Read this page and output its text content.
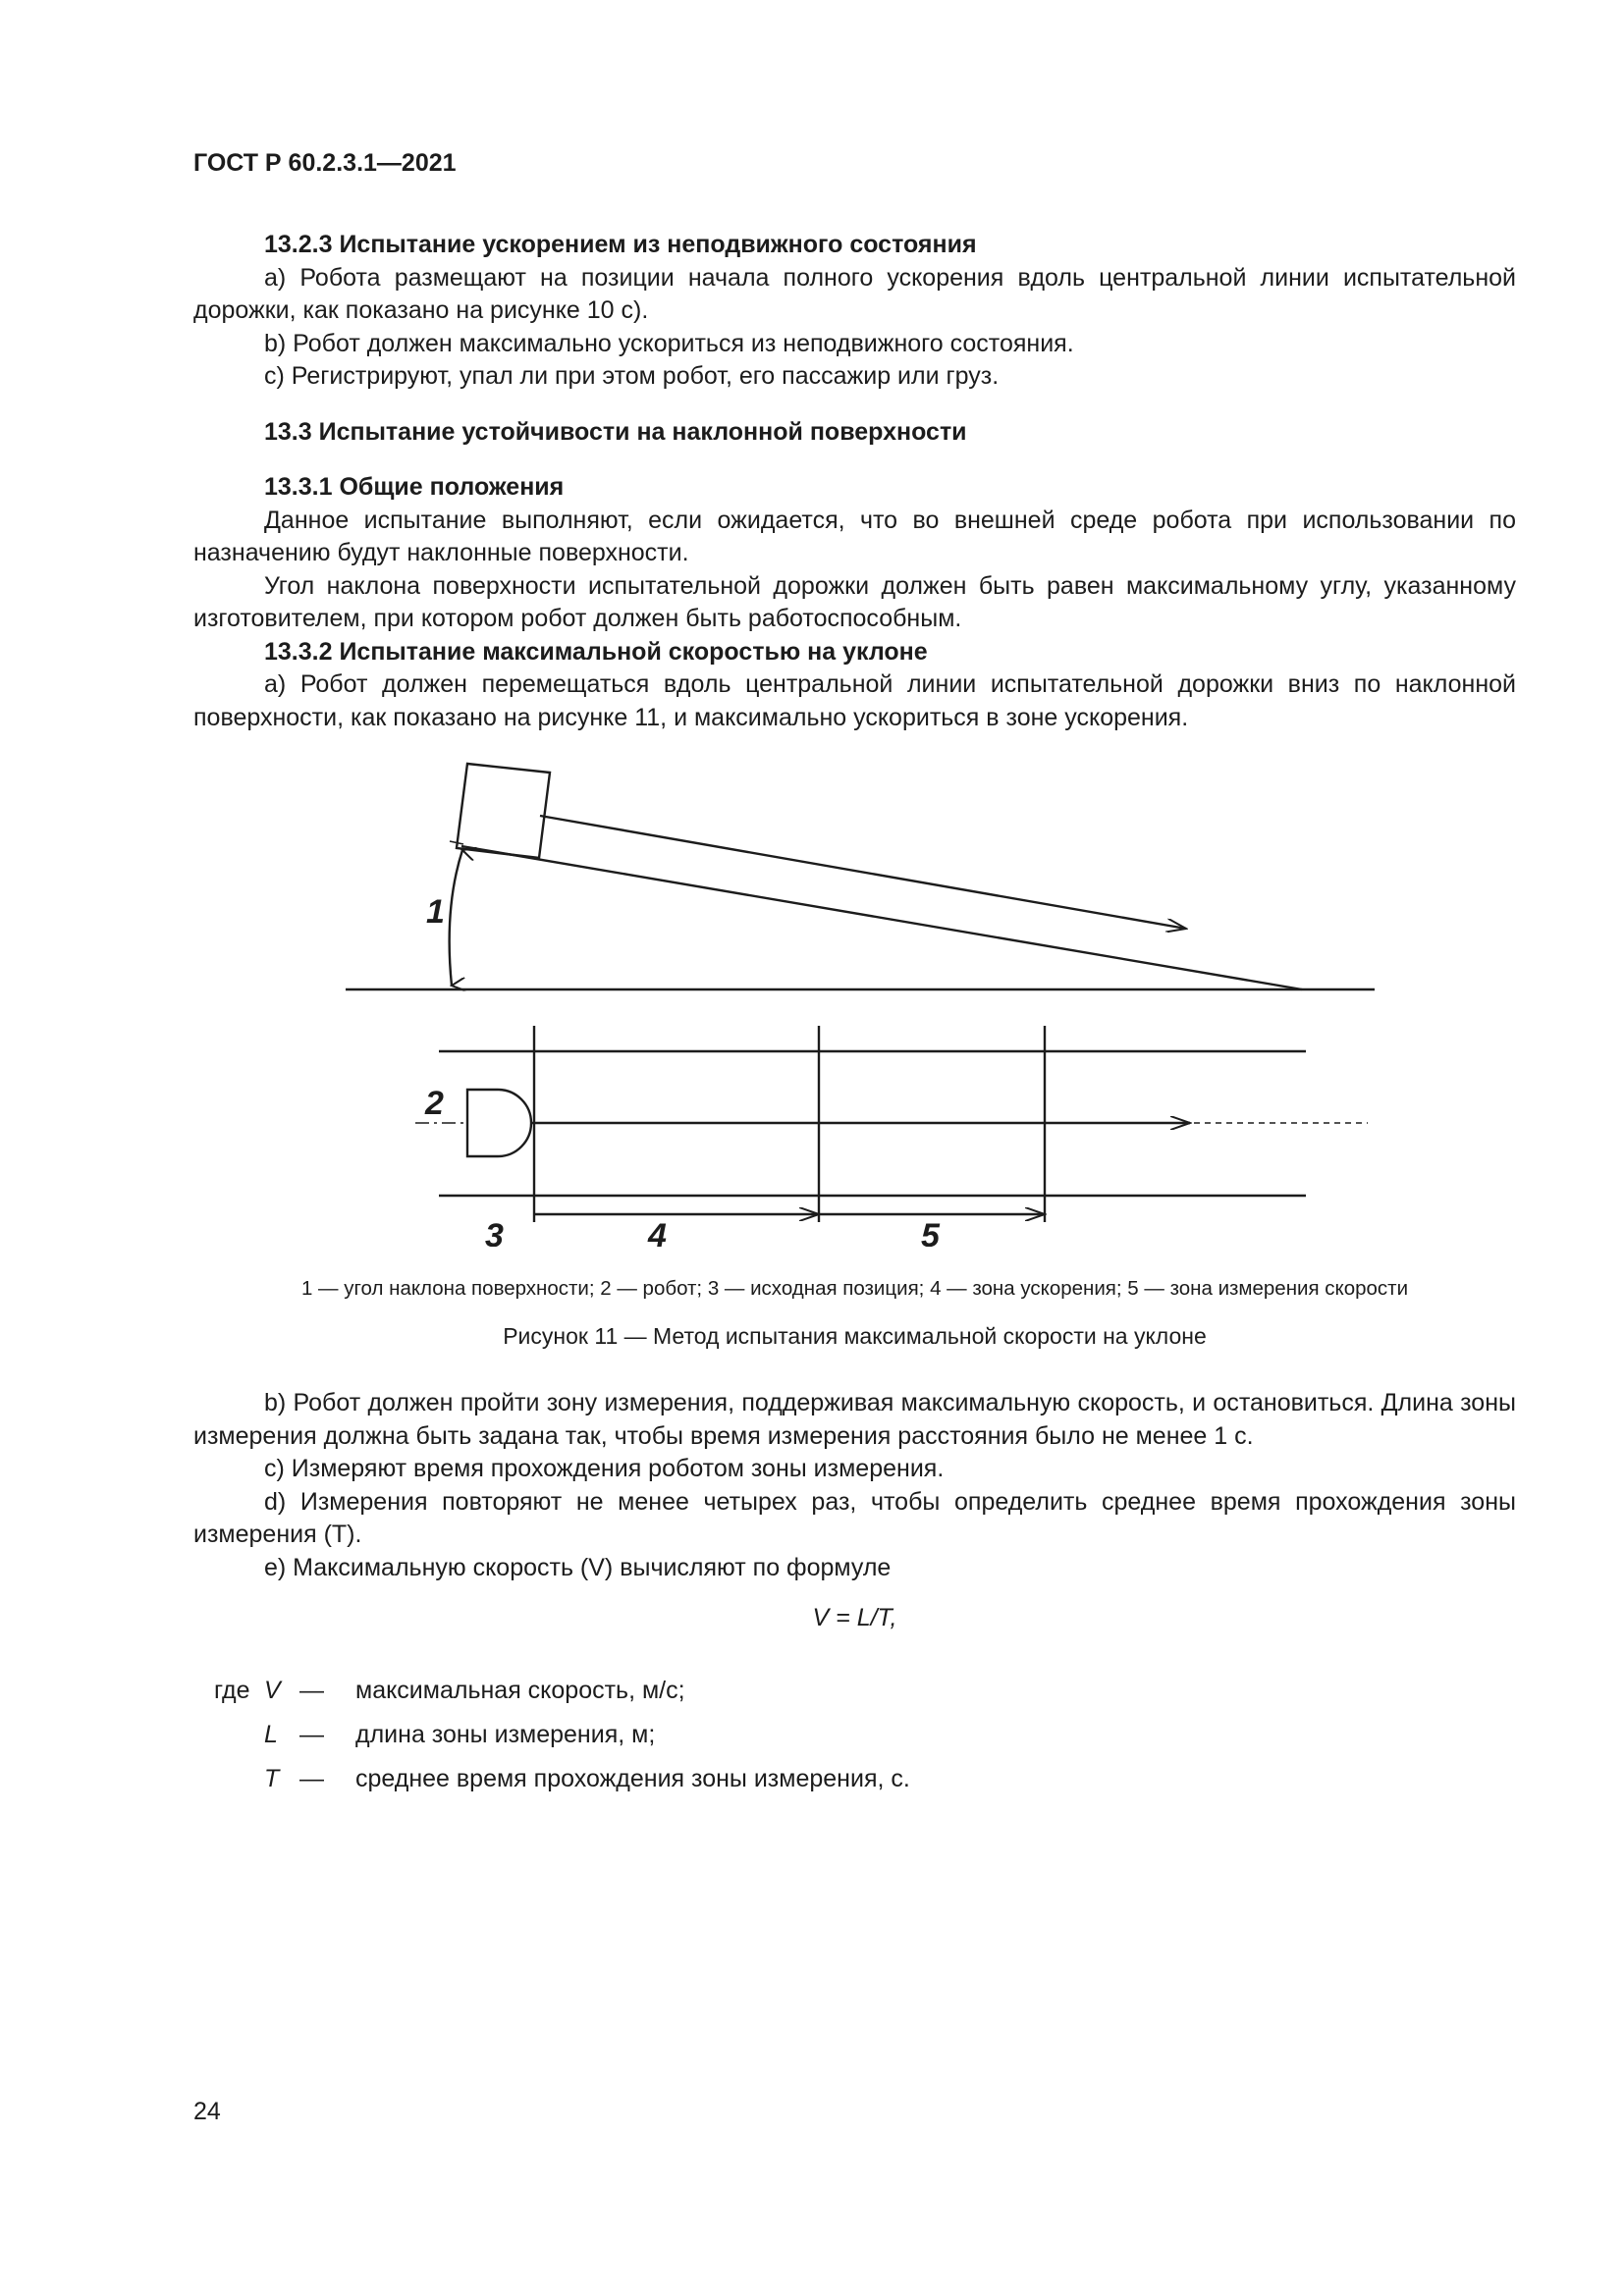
ГОСТ Р 60.2.3.1—2021

13.2.3 Испытание ускорением из неподвижного состояния

a) Робота размещают на позиции начала полного ускорения вдоль центральной линии испытательной дорожки, как показано на рисунке 10 c).

b) Робот должен максимально ускориться из неподвижного состояния.

c) Регистрируют, упал ли при этом робот, его пассажир или груз.

13.3 Испытание устойчивости на наклонной поверхности

13.3.1 Общие положения

Данное испытание выполняют, если ожидается, что во внешней среде робота при использовании по назначению будут наклонные поверхности.

Угол наклона поверхности испытательной дорожки должен быть равен максимальному углу, указанному изготовителем, при котором робот должен быть работоспособным.

13.3.2 Испытание максимальной скоростью на уклоне

a) Робот должен перемещаться вдоль центральной линии испытательной дорожки вниз по наклонной поверхности, как показано на рисунке 11, и максимально ускориться в зоне ускорения.

1
2
3	4	5
1 — угол наклона поверхности; 2 — робот; 3 — исходная позиция; 4 — зона ускорения; 5 — зона измерения скорости
Рисунок 11 — Метод испытания максимальной скорости на уклоне

b) Робот должен пройти зону измерения, поддерживая максимальную скорость, и остановиться. Длина зоны измерения должна быть задана так, чтобы время измерения расстояния было не менее 1 с.

c) Измеряют время прохождения роботом зоны измерения.

d) Измерения повторяют не менее четырех раз, чтобы определить среднее время прохождения зоны измерения (T).

e) Максимальную скорость (V) вычисляют по формуле

V = L/T,
где V — максимальная скорость, м/с;
L — длина зоны измерения, м;
T — среднее время прохождения зоны измерения, с.
24
